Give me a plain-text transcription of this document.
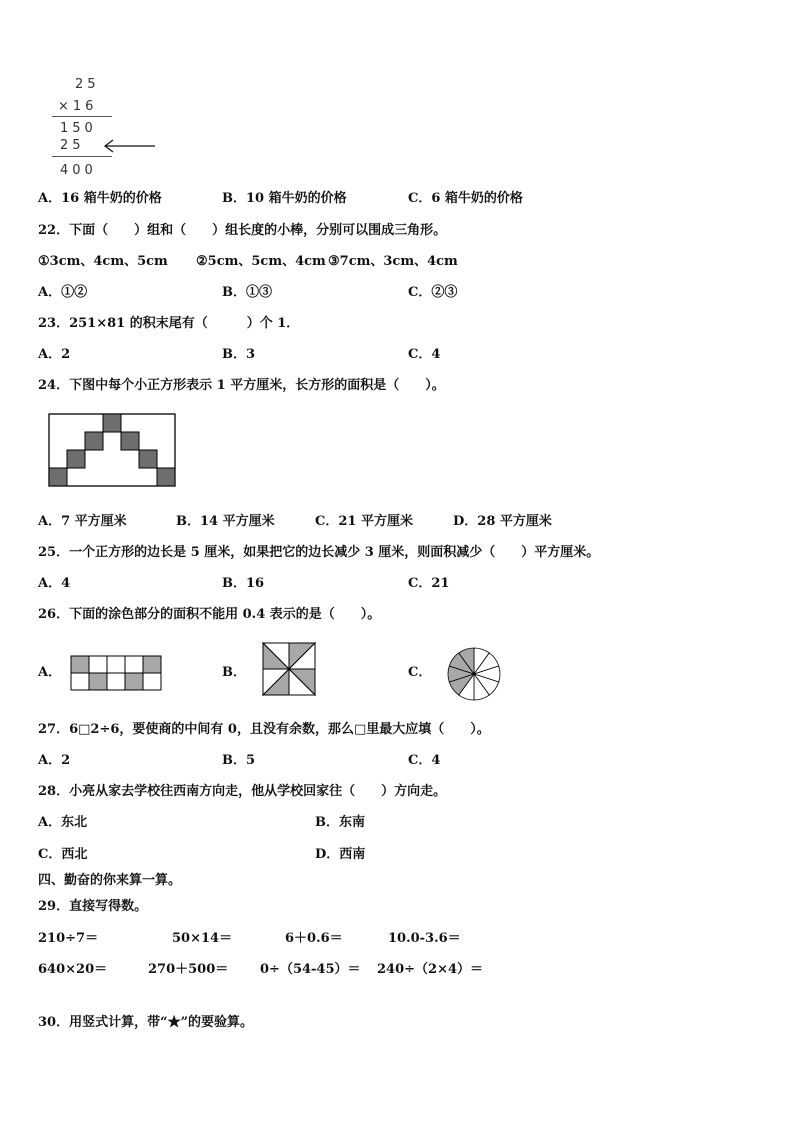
25
×16
150
25
400
A．16 箱牛奶的价格	B．10 箱牛奶的价格	C．6 箱牛奶的价格
22．下面（　　）组和（　　）组长度的小棒，分别可以围成三角形。
①3cm、4cm、5cm ②5cm、5cm、4cm ③7cm、3cm、4cm
A．①②	B．①③	C．②③
23．251×81 的积末尾有（　　　）个 1．
A．2	B．3	C．4
24．下图中每个小正方形表示 1 平方厘米，长方形的面积是（　　）。
A．7 平方厘米	B．14 平方厘米	C．21 平方厘米	D．28 平方厘米
25．一个正方形的边长是 5 厘米，如果把它的边长减少 3 厘米，则面积减少（　　）平方厘米。
A．4	B．16	C．21
26．下面的涂色部分的面积不能用 0.4 表示的是（　　）。
A．	B．	C．
27．6□2÷6，要使商的中间有 0，且没有余数，那么□里最大应填（　　）。
A．2	B．5	C．4
28．小亮从家去学校往西南方向走，他从学校回家往（　　）方向走。
A．东北	B．东南
C．西北	D．西南
四、勤奋的你来算一算。
29．直接写得数。
210÷7＝	50×14＝	6＋0.6＝	10.0-3.6＝
640×20＝	270＋500＝ 0÷（54-45）＝ 240÷（2×4）＝
30．用竖式计算，带“★”的要验算。
